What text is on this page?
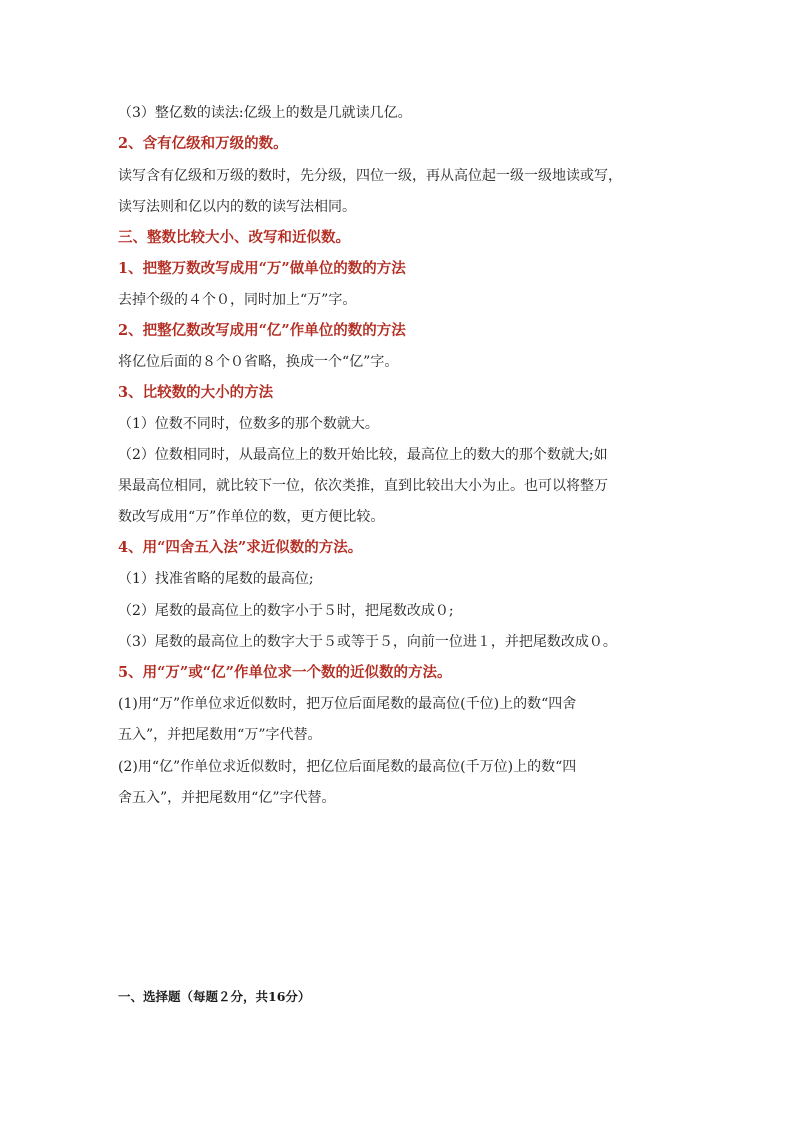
（3）整亿数的读法:亿级上的数是几就读几亿。
2、含有亿级和万级的数。
读写含有亿级和万级的数时，先分级，四位一级，再从高位起一级一级地读或写，
读写法则和亿以内的数的读写法相同。
三、整数比较大小、改写和近似数。
1、把整万数改写成用“万”做单位的数的方法
去掉个级的４个０，同时加上“万”字。
2、把整亿数改写成用“亿”作单位的数的方法
将亿位后面的８个０省略，换成一个“亿”字。
3、比较数的大小的方法
（1）位数不同时，位数多的那个数就大。
（2）位数相同时，从最高位上的数开始比较，最高位上的数大的那个数就大;如
果最高位相同，就比较下一位，依次类推，直到比较出大小为止。也可以将整万
数改写成用“万”作单位的数，更方便比较。
4、用“四舍五入法”求近似数的方法。
（1）找准省略的尾数的最高位;
（2）尾数的最高位上的数字小于５时，把尾数改成０;
（3）尾数的最高位上的数字大于５或等于５，向前一位进１，并把尾数改成０。
5、用“万”或“亿”作单位求一个数的近似数的方法。
(1)用“万”作单位求近似数时，把万位后面尾数的最高位(千位)上的数“四舍
五入”，并把尾数用“万”字代替。
(2)用“亿”作单位求近似数时，把亿位后面尾数的最高位(千万位)上的数“四
舍五入”，并把尾数用“亿”字代替。
一、选择题（每题２分，共16分）
